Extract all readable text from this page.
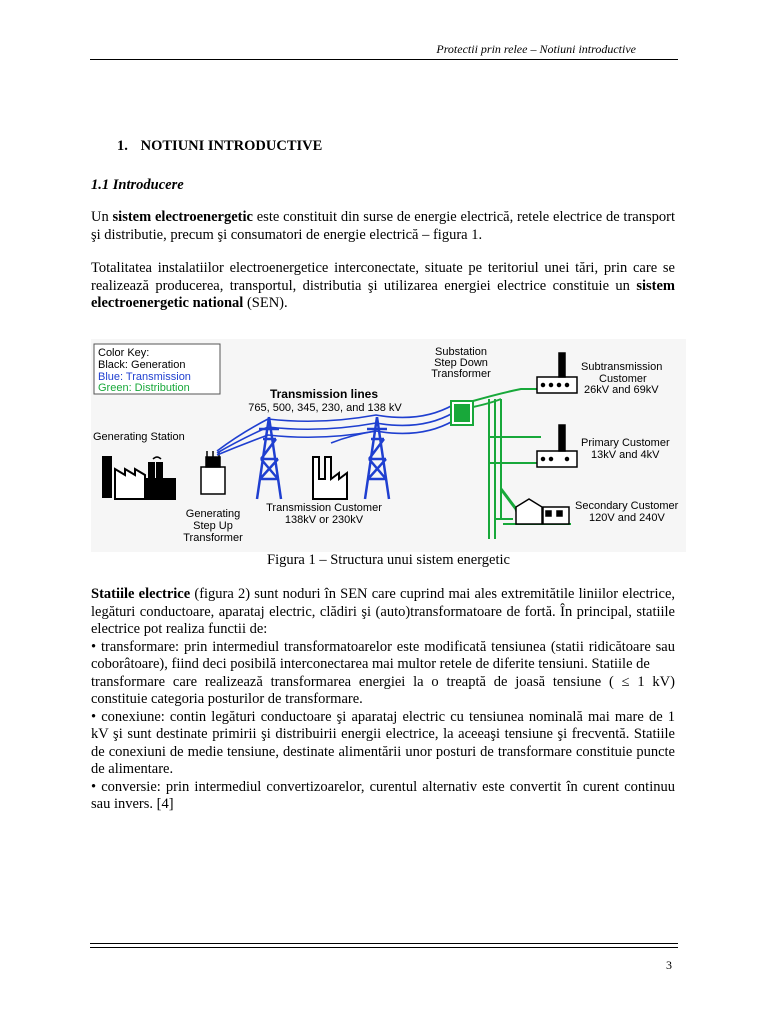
Protectii prin relee – Notiuni introductive
1. NOTIUNI INTRODUCTIVE
1.1 Introducere
Un sistem electroenergetic este constituit din surse de energie electrică, retele electrice de transport şi distributie, precum şi consumatori de energie electrică – figura 1.
Totalitatea instalatiilor electroenergetice interconectate, situate pe teritoriul unei tări, prin care se realizează producerea, transportul, distributia şi utilizarea energiei electrice constituie un sistem electroenergetic national (SEN).
Color Key:
Black: Generation
Blue: Transmission
Green: Distribution
Generating Station
Generating
Step Up
Transformer
Transmission lines
765, 500, 345, 230, and 138 kV
Transmission Customer
138kV or 230kV
Substation
Step Down
Transformer
Subtransmission
Customer
26kV and 69kV
Primary Customer
13kV and 4kV
Secondary Customer
120V and 240V
Figura 1 – Structura unui sistem energetic
Statiile electrice (figura 2) sunt noduri în SEN care cuprind mai ales extremitătile liniilor electrice, legături conductoare, aparataj electric, clădiri şi (auto)transformatoare de fortă. În principal, statiile electrice pot realiza functii de:
• transformare: prin intermediul transformatoarelor este modificată tensiunea (statii ridicătoare sau coborâtoare), fiind deci posibilă interconectarea mai multor retele de diferite tensiuni. Statiile de
transformare care realizează transformarea energiei la o treaptă de joasă tensiune ( ≤ 1 kV) constituie categoria posturilor de transformare.
• conexiune: contin legături conductoare şi aparataj electric cu tensiunea nominală mai mare de 1 kV şi sunt destinate primirii şi distribuirii energii electrice, la aceeaşi tensiune şi frecventă. Statiile de conexiuni de medie tensiune, destinate alimentării unor posturi de transformare constituie puncte de alimentare.
• conversie: prin intermediul convertizoarelor, curentul alternativ este convertit în curent continuu sau invers. [4]
3
